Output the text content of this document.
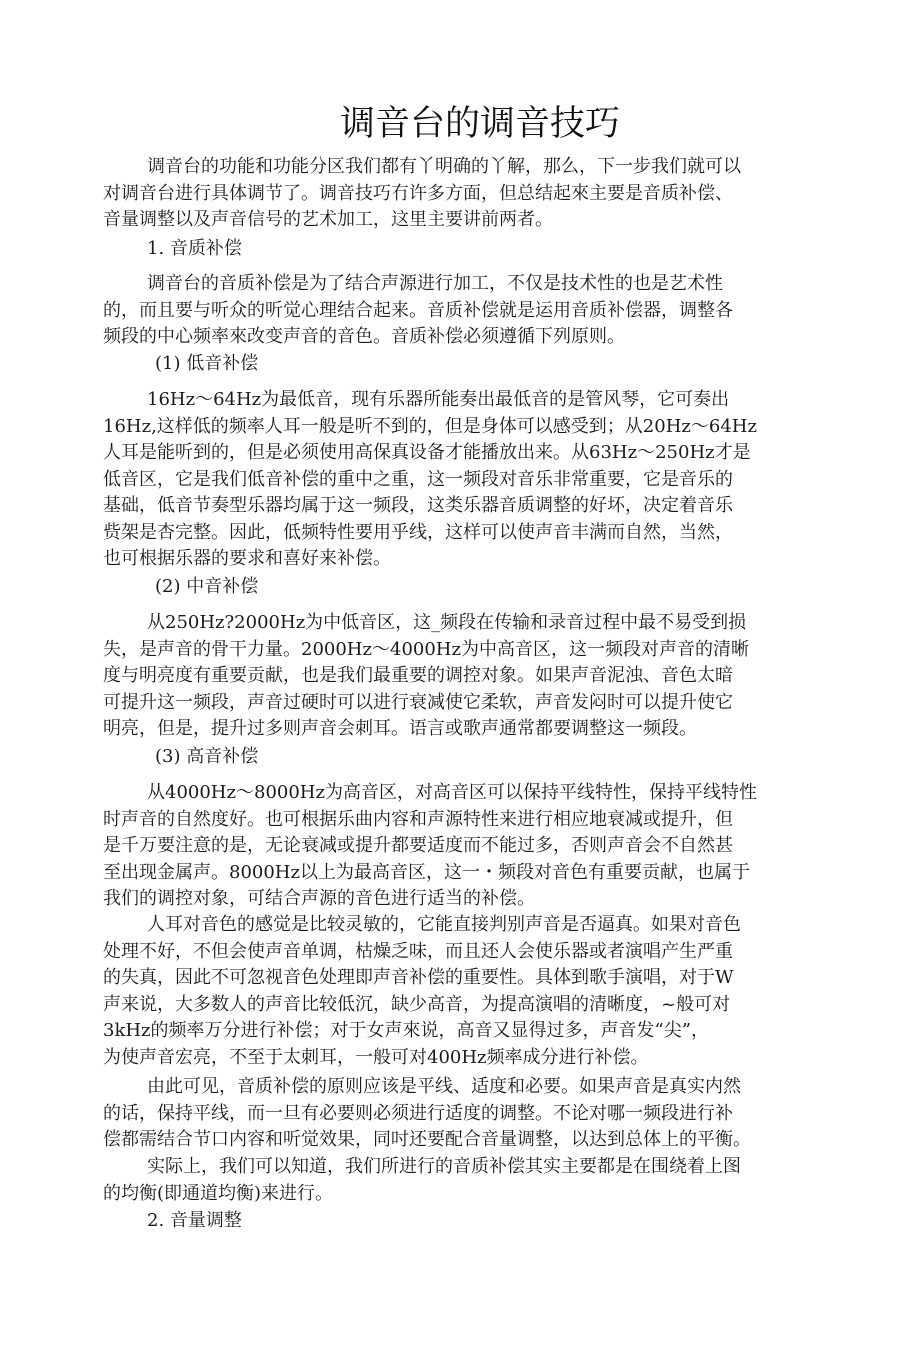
调音台的调音技巧
调音台的功能和功能分区我们都有丫明确的丫解，那么，下一步我们就可以
对调音台进行具体调节了。调音技巧冇许多方面，但总结起來主要是音质补偿、
音量调整以及声音信号的艺术加工，这里主要讲前两者。
1. 音质补偿
调音台的音质补偿是为了结合声源进行加工，不仅是技术性的也是艺术性
的，而且要与听众的听觉心理结合起来。音质补偿就是运用音质补偿器，调整各
频段的中心频率來改变声音的音色。音质补偿必须遵循下列原则。
(1) 低音补偿
16Hz～64Hz为最低音，现有乐器所能奏出最低音的是管风琴，它可奏出
16Hz,这样低的频率人耳一般是听不到的，但是身体可以感受到；从20Hz～64Hz
人耳是能听到的，但是必须使用高保真设备才能播放出来。从63Hz～250Hz才是
低音区，它是我们低音补偿的重中之重，这一频段对音乐非常重要，它是音乐的
基础，低音节奏型乐器均属于这一频段，这类乐器音质调整的好坏，决定着音乐
赀架是杏完整。因此，低频特性要用乎线，这样可以使声音丰满而自然，当然，
也可根据乐器的要求和喜好来补偿。
(2) 中音补偿
从250Hz?2000Hz为中低音区，这_频段在传输和录音过程中最不易受到损
失，是声音的骨干力量。2000Hz～4000Hz为中高音区，这一频段对声音的清晰
度与明亮度有重要贡献，也是我们最重要的调控对象。如果声音泥浊、音色太暗
可提升这一频段，声音过硬时可以进行衰减使它柔软，声音发闷时可以提升使它
明亮，但是，提升过多则声音会刺耳。语言或歌声通常都要调整这一频段。
(3) 高音补偿
从4000Hz～8000Hz为高音区，对高音区可以保持平线特性，保持平线特性
时声音的自然度好。也可根据乐曲内容和声源特性来进行相应地衰减或提升，但
是千万要注意的是，无论衰减或提升都要适度而不能过多，否则声音会不自然甚
至出现金属声。8000Hz以上为最高音区，这一・频段对音色有重要贡献，也属于
我们的调控对象，可结合声源的音色进行适当的补偿。
人耳对音色的感觉是比较灵敏的，它能直接判别声音是否逼真。如果对音色
处理不好，不但会使声音单调，枯燥乏味，而且还人会使乐器或者演唱产生严重
的失真，因此不可忽视音色处理即声音补偿的重要性。具体到歌手演唱，对于W
声来说，大多数人的声音比较低沉，缺少高音，为提高演唱的清晰度，~般可对
3kHz的频率万分进行补偿；对于女声來说，高音又显得过多，声音发“尖”，
为使声音宏亮，不至于太刺耳，一般可对400Hz频率成分进行补偿。
由此可见，音质补偿的原则应该是平线、适度和必要。如果声音是真实内然
的话，保持平线，而一旦有必要则必须进行适度的调整。不论对哪一频段进行补
偿都需结合节口内容和听觉效果，同吋还要配合音量调整，以达到总体上的平衡。
实际上，我们可以知道，我们所进行的音质补偿其实主要都是在围绕着上图
的均衡(即通道均衡)来进行。
2. 音量调整
